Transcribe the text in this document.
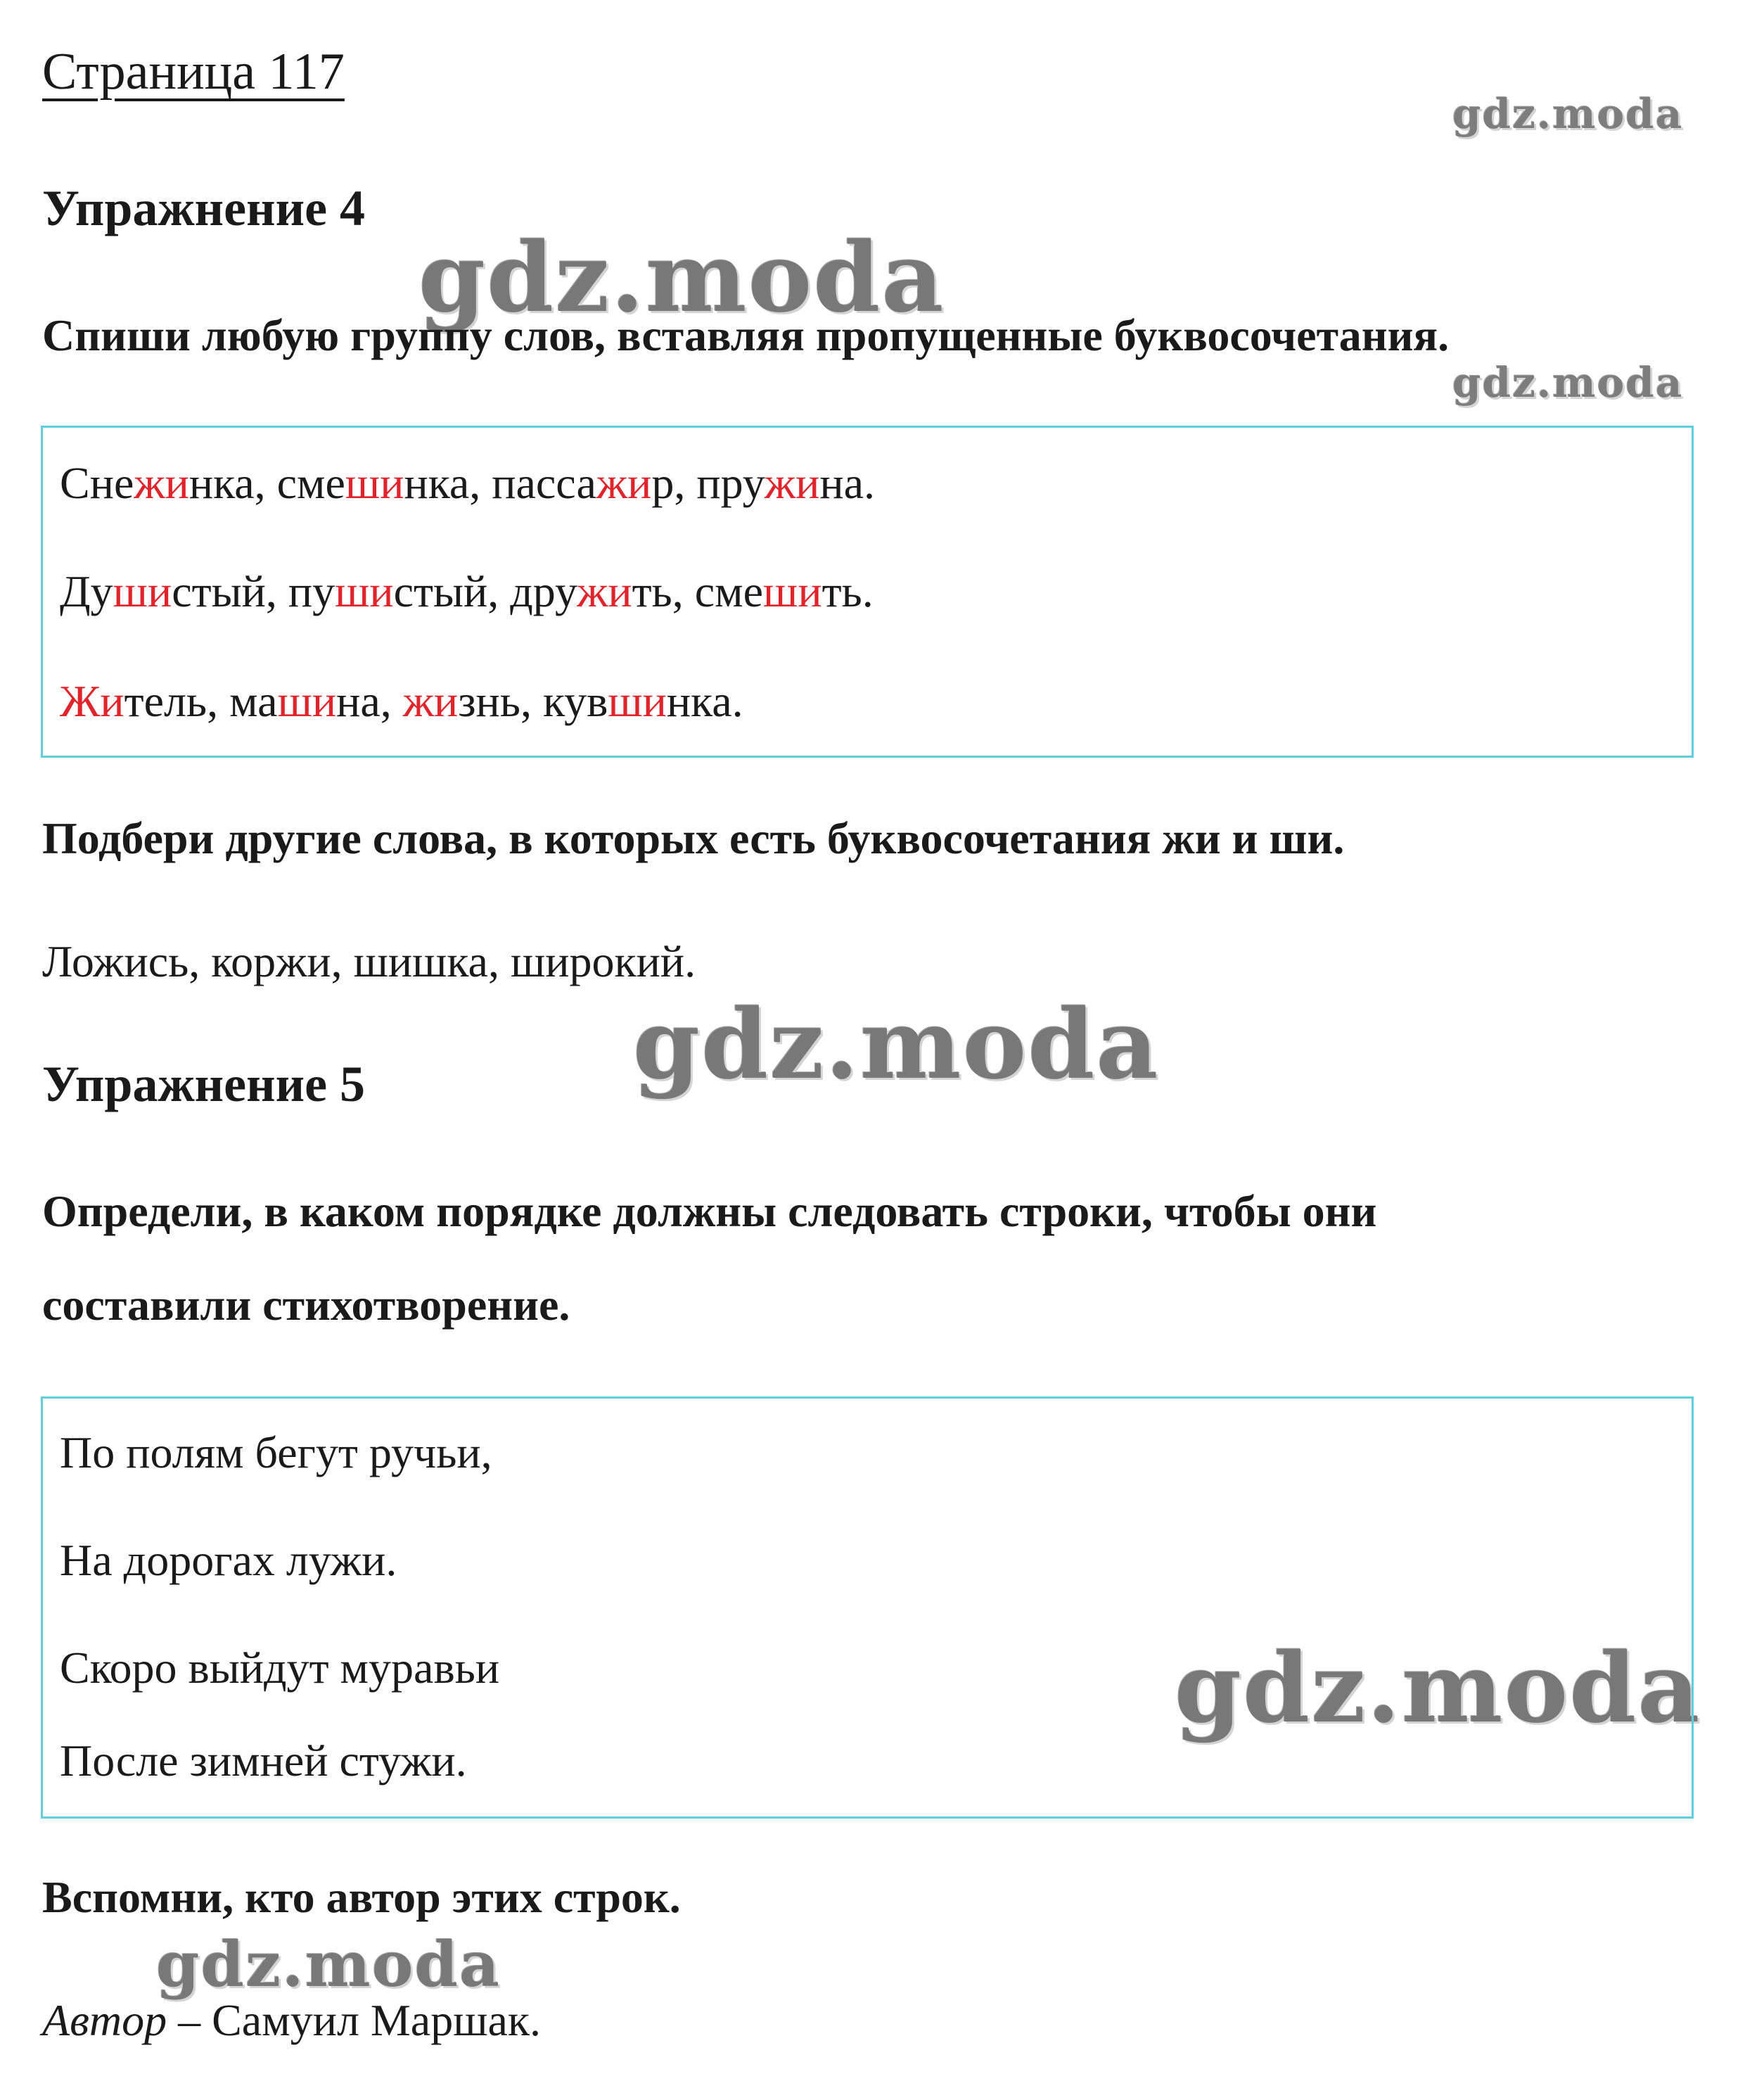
Страница 117
gdz.moda
gdz.moda
gdz.moda
gdz.moda
gdz.moda
gdz.moda
Упражнение 4
Спиши любую группу слов, вставляя пропущенные буквосочетания.
Снежинка, смешинка, пассажир, пружина.
Душистый, пушистый, дружить, смешить.
Житель, машина, жизнь, кувшинка.
Подбери другие слова, в которых есть буквосочетания жи и ши.
Ложись, коржи, шишка, широкий.
Упражнение 5
Определи, в каком порядке должны следовать строки, чтобы они
составили стихотворение.
По полям бегут ручьи,
На дорогах лужи.
Скоро выйдут муравьи
После зимней стужи.
Вспомни, кто автор этих строк.
Автор – Самуил Маршак.
